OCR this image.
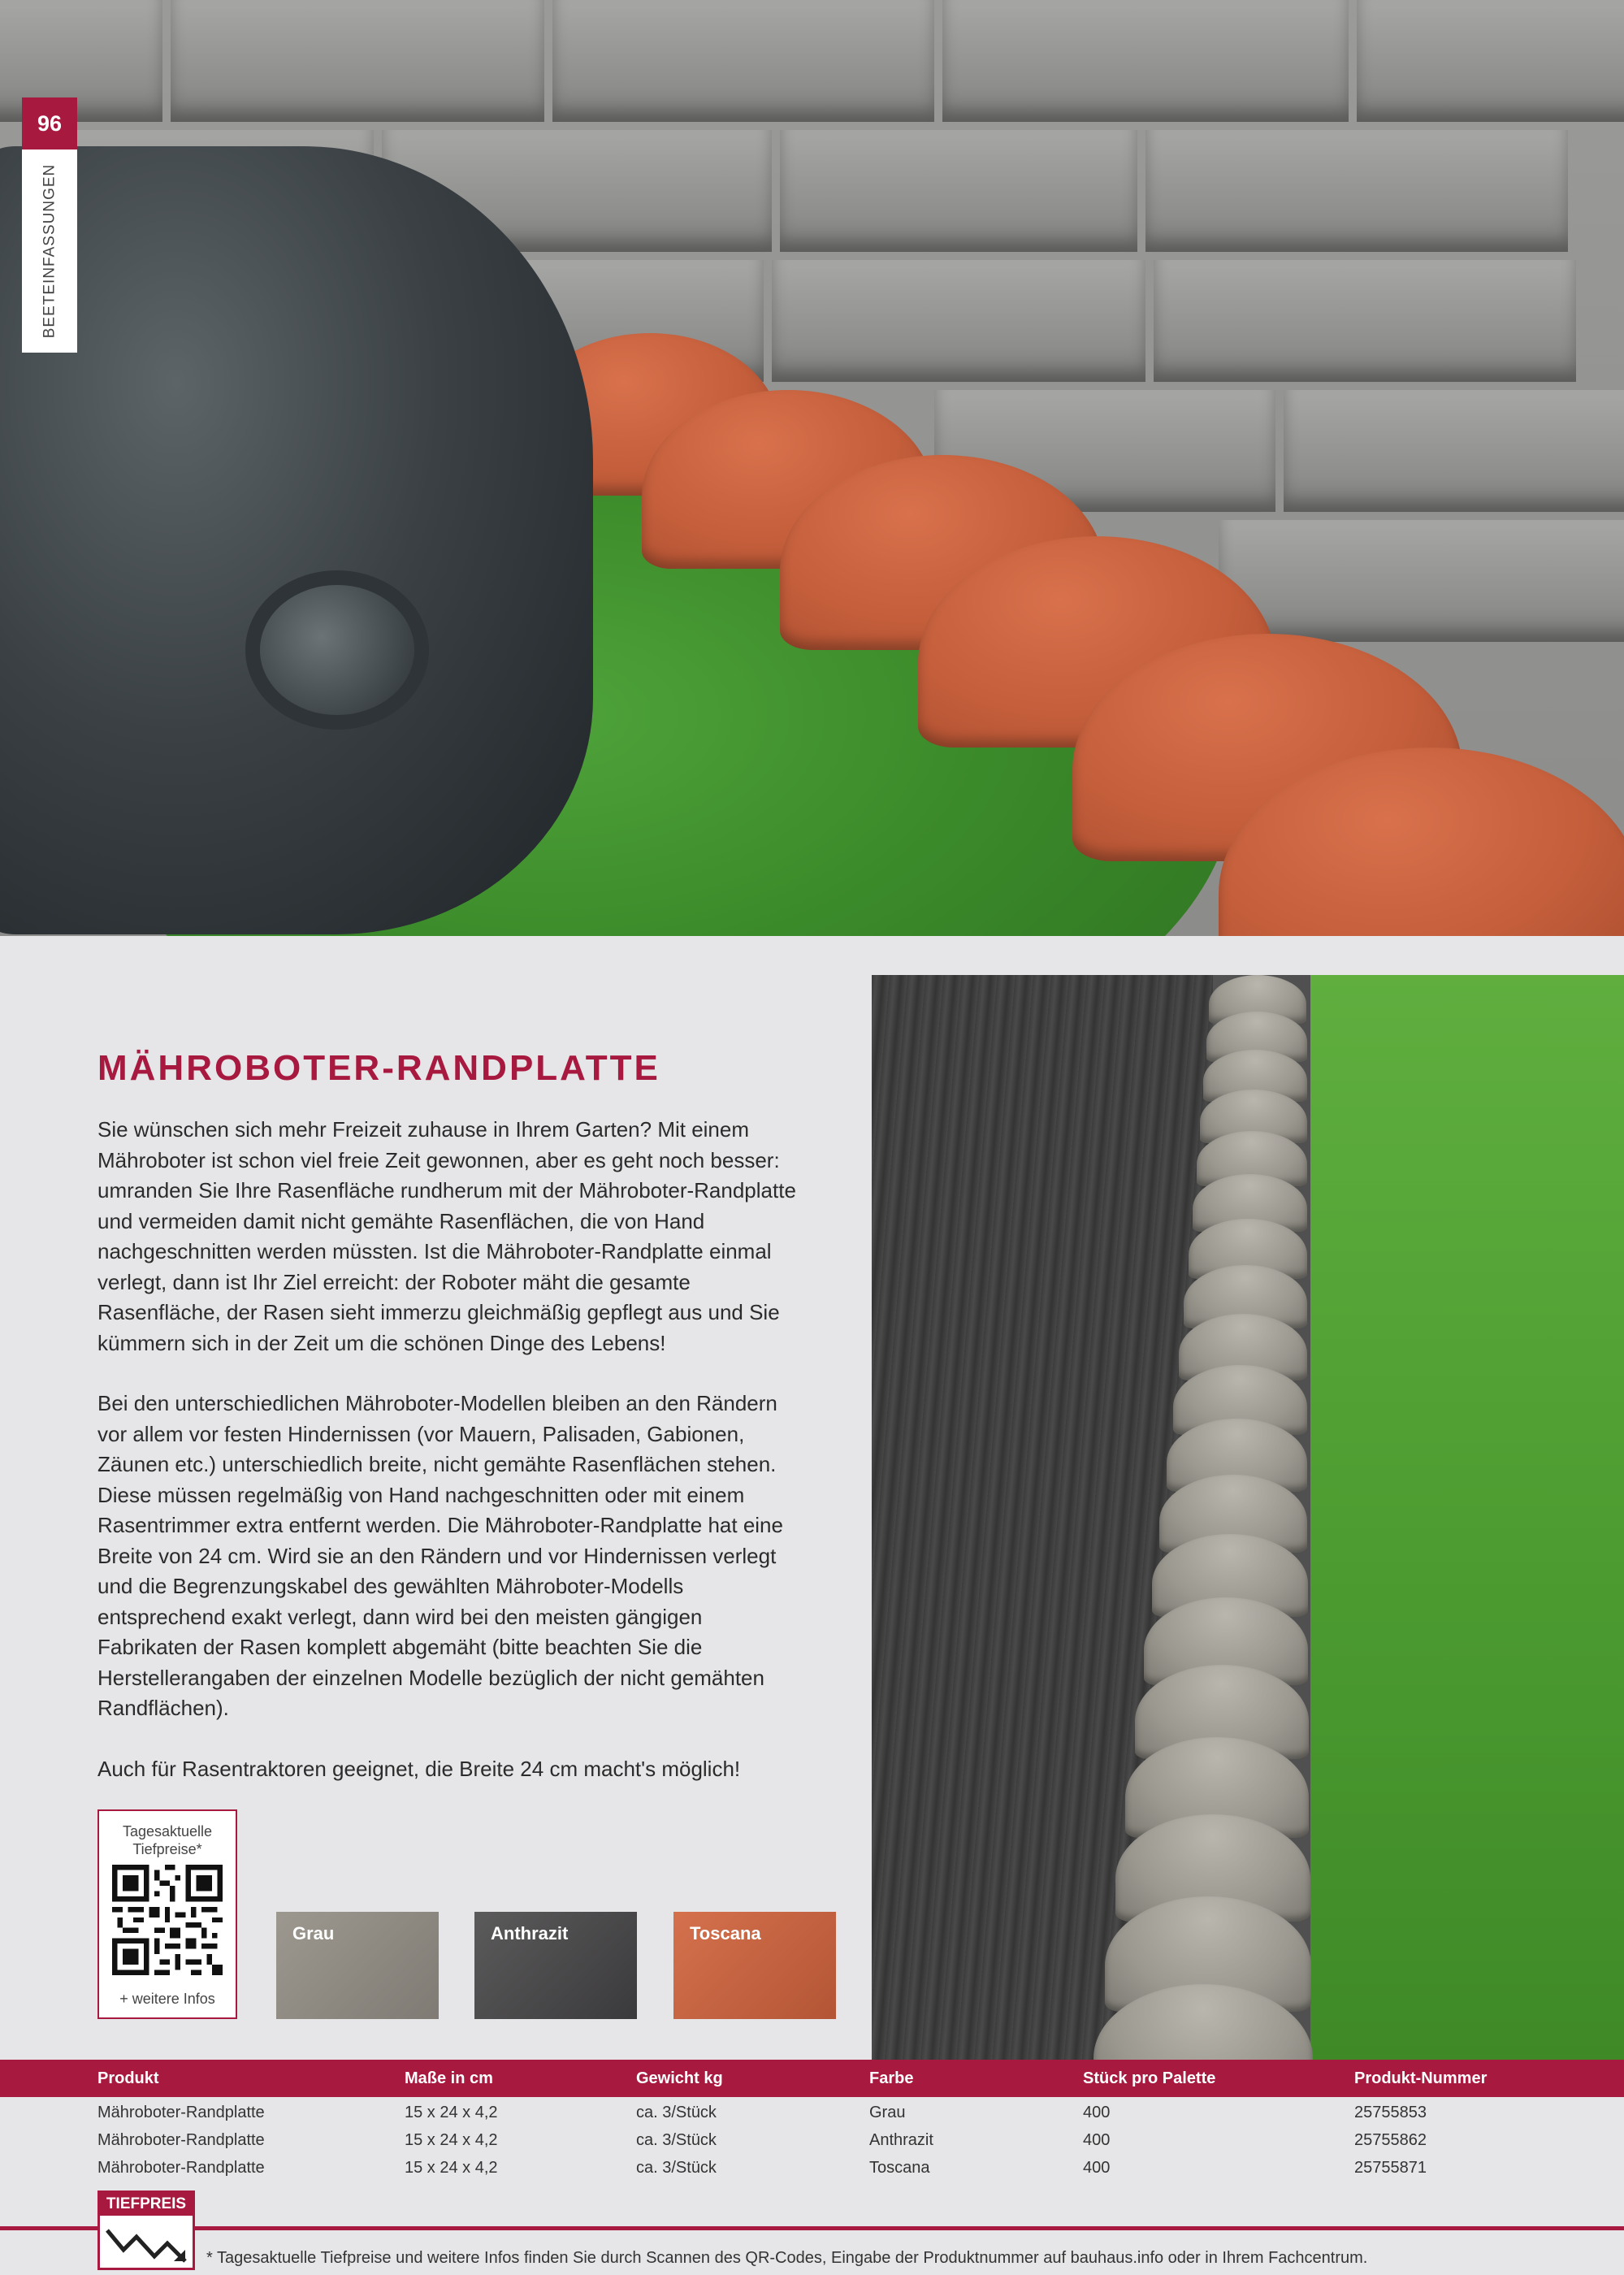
96
BEETEINFASSUNGEN
MÄHROBOTER-RANDPLATTE

Sie wünschen sich mehr Freizeit zuhause in Ihrem Garten? Mit einem Mähroboter ist schon viel freie Zeit gewonnen, aber es geht noch besser: umranden Sie Ihre Rasenfläche rundherum mit der Mähroboter-Randplatte und vermeiden damit nicht gemähte Rasenflächen, die von Hand nachgeschnitten werden müssten. Ist die Mähroboter-Randplatte einmal verlegt, dann ist Ihr Ziel erreicht: der Roboter mäht die gesamte Rasenfläche, der Rasen sieht immerzu gleichmäßig gepflegt aus und Sie kümmern sich in der Zeit um die schönen Dinge des Lebens!

Bei den unterschiedlichen Mähroboter-Modellen bleiben an den Rändern vor allem vor festen Hindernissen (vor Mauern, Palisaden, Gabionen, Zäunen etc.) unterschiedlich breite, nicht gemähte Rasenflächen stehen. Diese müssen regelmäßig von Hand nachgeschnitten oder mit einem Rasentrimmer extra entfernt werden. Die Mähroboter-Randplatte hat eine Breite von 24 cm. Wird sie an den Rändern und vor Hindernissen verlegt und die Begrenzungskabel des gewählten Mähroboter-Modells entsprechend exakt verlegt, dann wird bei den meisten gängigen Fabrikaten der Rasen komplett abgemäht (bitte beachten Sie die Herstellerangaben der einzelnen Modelle bezüglich der nicht gemähten Randflächen).

Auch für Rasentraktoren geeignet, die Breite 24 cm macht's möglich!

Tagesaktuelle Tiefpreise*
+ weitere Infos
Grau	Anthrazit	Toscana
Produkt	Maße in cm	Gewicht kg	Farbe	Stück pro Palette	Produkt-Nummer
Mähroboter-Randplatte	15 x 24 x 4,2	ca. 3/Stück	Grau	400	25755853
Mähroboter-Randplatte	15 x 24 x 4,2	ca. 3/Stück	Anthrazit	400	25755862
Mähroboter-Randplatte	15 x 24 x 4,2	ca. 3/Stück	Toscana	400	25755871
TIEFPREIS
* Tagesaktuelle Tiefpreise und weitere Infos finden Sie durch Scannen des QR-Codes, Eingabe der Produktnummer auf bauhaus.info oder in Ihrem Fachcentrum.
